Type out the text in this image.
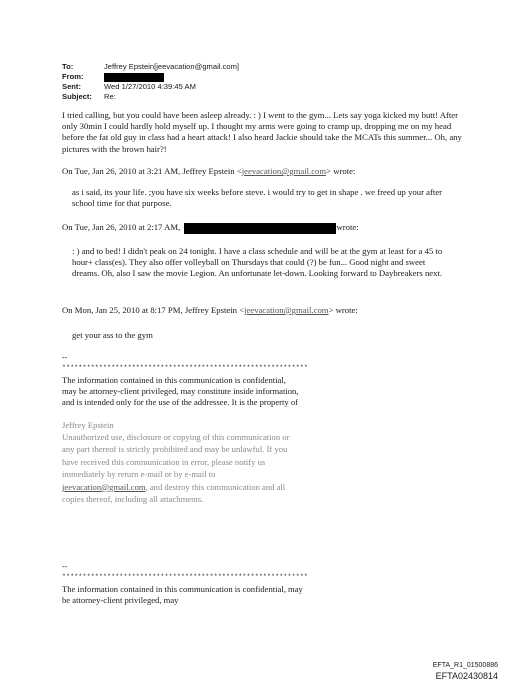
To:	Jeffrey Epstein[jeevacation@gmail.com]
From:
Sent:	Wed 1/27/2010 4:39:45 AM
Subject: Re:
I tried calling, but you could have been asleep already. : ) I went to the gym... Lets say yoga kicked my butt! After only 30min I could hardly hold myself up. I thought my arms were going to cramp up, dropping me on my head before the fat old guy in class had a heart attack! I also heard Jackie should take the MCATs this summer... Oh, any pictures with the brown hair?!
On Tue, Jan 26, 2010 at 3:21 AM, Jeffrey Epstein <jeevacation@gmail.com> wrote:
as i said, its your life. ;you have six weeks before steve. i would try to get in shape . we freed up your after school time for that purpose.
On Tue, Jan 26, 2010 at 2:17 AM,	wrote:
: ) and to bed! I didn't peak on 24 tonight. I have a class schedule and will be at the gym at least for a 45 to hour+ class(es). They also offer volleyball on Thursdays that could (?) be fun... Good night and sweet dreams. Oh, also I saw the movie Legion. An unfortunate let-down. Looking forward to Daybreakers next.
On Mon, Jan 25, 2010 at 8:17 PM, Jeffrey Epstein <jeevacation@gmail.com> wrote:
get your ass to the gym
--
************************************************************
The information contained in this communication is confidential, may be attorney-client privileged, may constitute inside information, and is intended only for the use of the addressee. It is the property of
Jeffrey Epstein
Unauthorized use, disclosure or copying of this communication or any part thereof is strictly prohibited and may be unlawful. If you have received this communication in error, please notify us immediately by return e-mail or by e-mail to jeevacation@gmail.com, and destroy this communication and all copies thereof, including all attachments.
--
************************************************************
The information contained in this communication is confidential, may be attorney-client privileged, may
EFTA_R1_01500886
EFTA02430814
